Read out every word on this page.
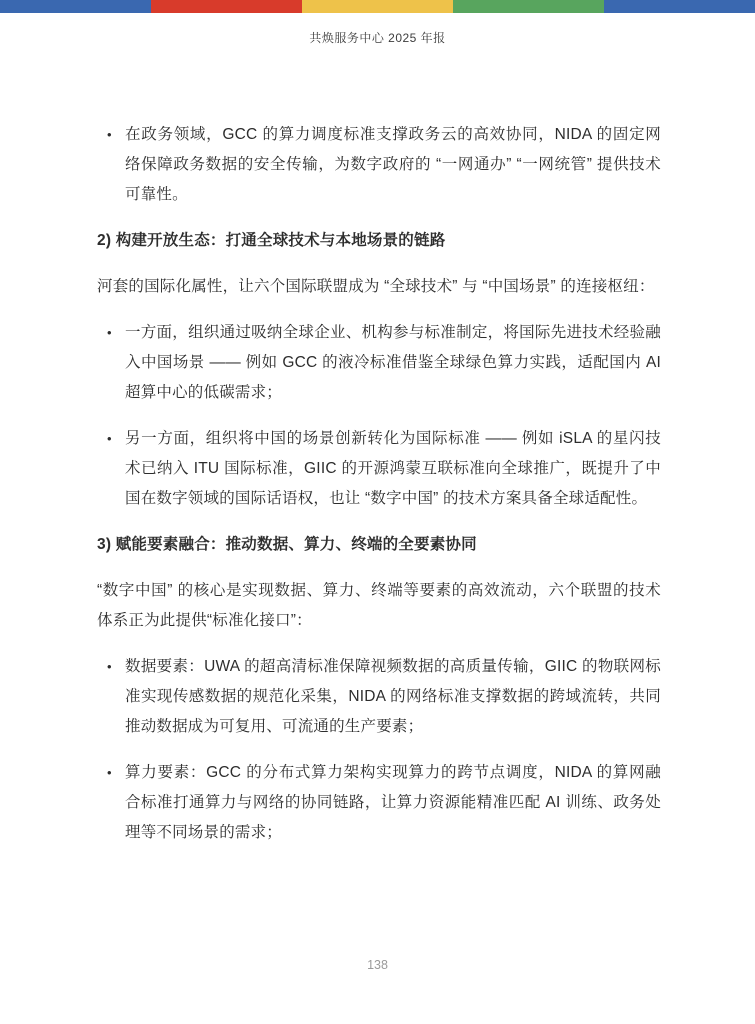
共焕服务中心 2025 年报
• 在政务领域，GCC 的算力调度标准支撑政务云的高效协同，NIDA 的固定网络保障政务数据的安全传输，为数字政府的 “一网通办” “一网统管” 提供技术可靠性。
2) 构建开放生态：打通全球技术与本地场景的链路
河套的国际化属性，让六个国际联盟成为 “全球技术” 与 “中国场景” 的连接枢纽：
• 一方面，组织通过吸纳全球企业、机构参与标准制定，将国际先进技术经验融入中国场景 —— 例如 GCC 的液冷标准借鉴全球绿色算力实践，适配国内 AI 超算中心的低碳需求；
• 另一方面，组织将中国的场景创新转化为国际标准 —— 例如 iSLA 的星闪技术已纳入 ITU 国际标准，GIIC 的开源鸿蒙互联标准向全球推广，既提升了中国在数字领域的国际话语权，也让 “数字中国” 的技术方案具备全球适配性。
3) 赋能要素融合：推动数据、算力、终端的全要素协同
“数字中国” 的核心是实现数据、算力、终端等要素的高效流动，六个联盟的技术体系正为此提供“标准化接口”：
• 数据要素：UWA 的超高清标准保障视频数据的高质量传输，GIIC 的物联网标准实现传感数据的规范化采集，NIDA 的网络标准支撑数据的跨域流转，共同推动数据成为可复用、可流通的生产要素；
• 算力要素：GCC 的分布式算力架构实现算力的跨节点调度，NIDA 的算网融合标准打通算力与网络的协同链路，让算力资源能精准匹配 AI 训练、政务处理等不同场景的需求；
138
